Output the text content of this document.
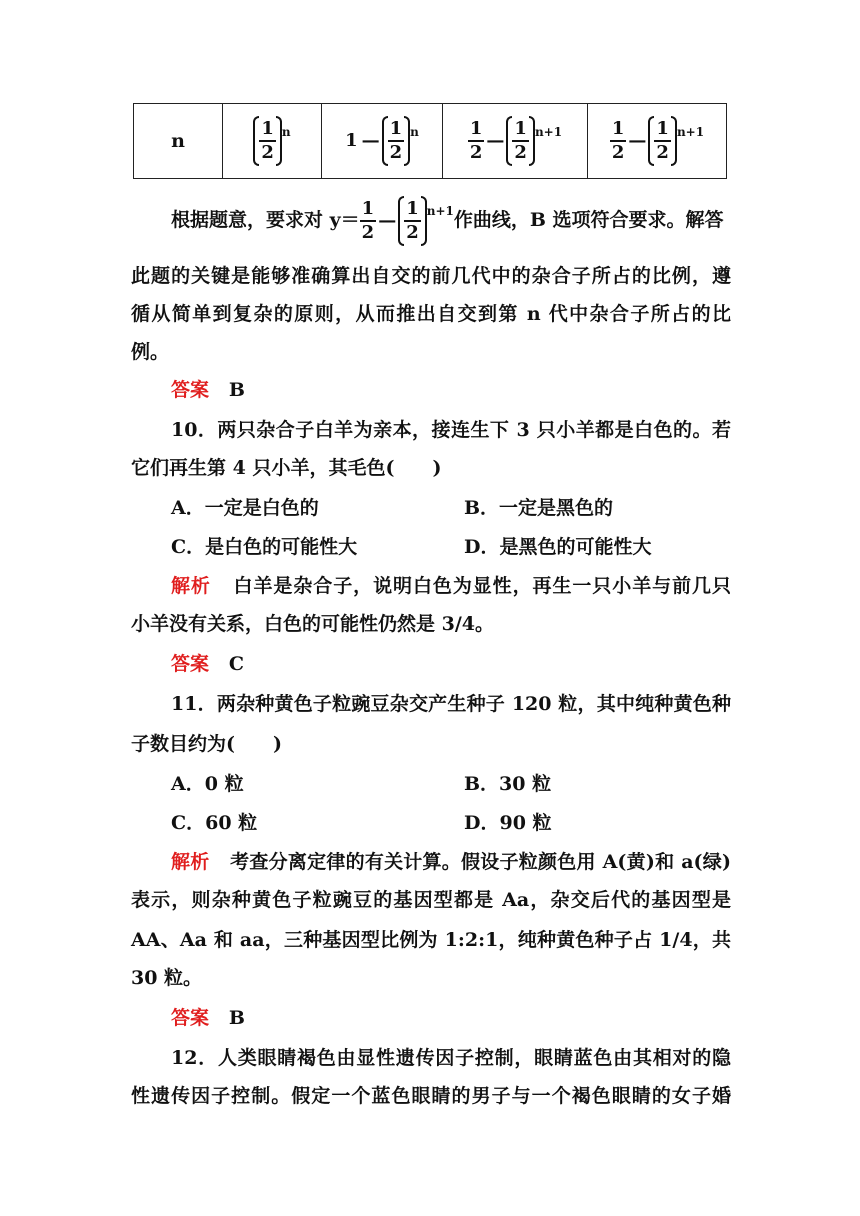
n	$\frac{1}{2} ^n$	1 — $\frac{1}{2} ^n$	$\frac{1}{2}$ — $\frac{1}{2} ^{n+1}$	$\frac{1}{2}$ — $\frac{1}{2} ^{n+1}$
根据题意，要求对 $y= \frac{1}{2}$ — $\frac{1}{2} n+1$ 作曲线，B 选项符合要求。解答
此题的关键是能够准确算出自交的前几代中的杂合子所占的比例，遵
循从简单到复杂的原则，从而推出自交到第 n 代中杂合子所占的比
例。
答案 B
10．两只杂合子白羊为亲本，接连生下 3 只小羊都是白色的。若
它们再生第 4 只小羊，其毛色(　　)
A．一定是白色的	B．一定是黑色的
C．是白色的可能性大	D．是黑色的可能性大
解析 白羊是杂合子，说明白色为显性，再生一只小羊与前几只
小羊没有关系，白色的可能性仍然是 3/4。
答案 C
11．两杂种黄色子粒豌豆杂交产生种子 120 粒，其中纯种黄色种
子数目约为(　　)
A．0 粒	B．30 粒
C．60 粒	D．90 粒
解析 考查分离定律的有关计算。假设子粒颜色用 A(黄)和 a(绿)
表示，则杂种黄色子粒豌豆的基因型都是 Aa，杂交后代的基因型是
AA、Aa 和 aa，三种基因型比例为 1:2:1，纯种黄色种子占 1/4，共
30 粒。
答案 B
12．人类眼睛褐色由显性遗传因子控制，眼睛蓝色由其相对的隐
性遗传因子控制。假定一个蓝色眼睛的男子与一个褐色眼睛的女子婚
